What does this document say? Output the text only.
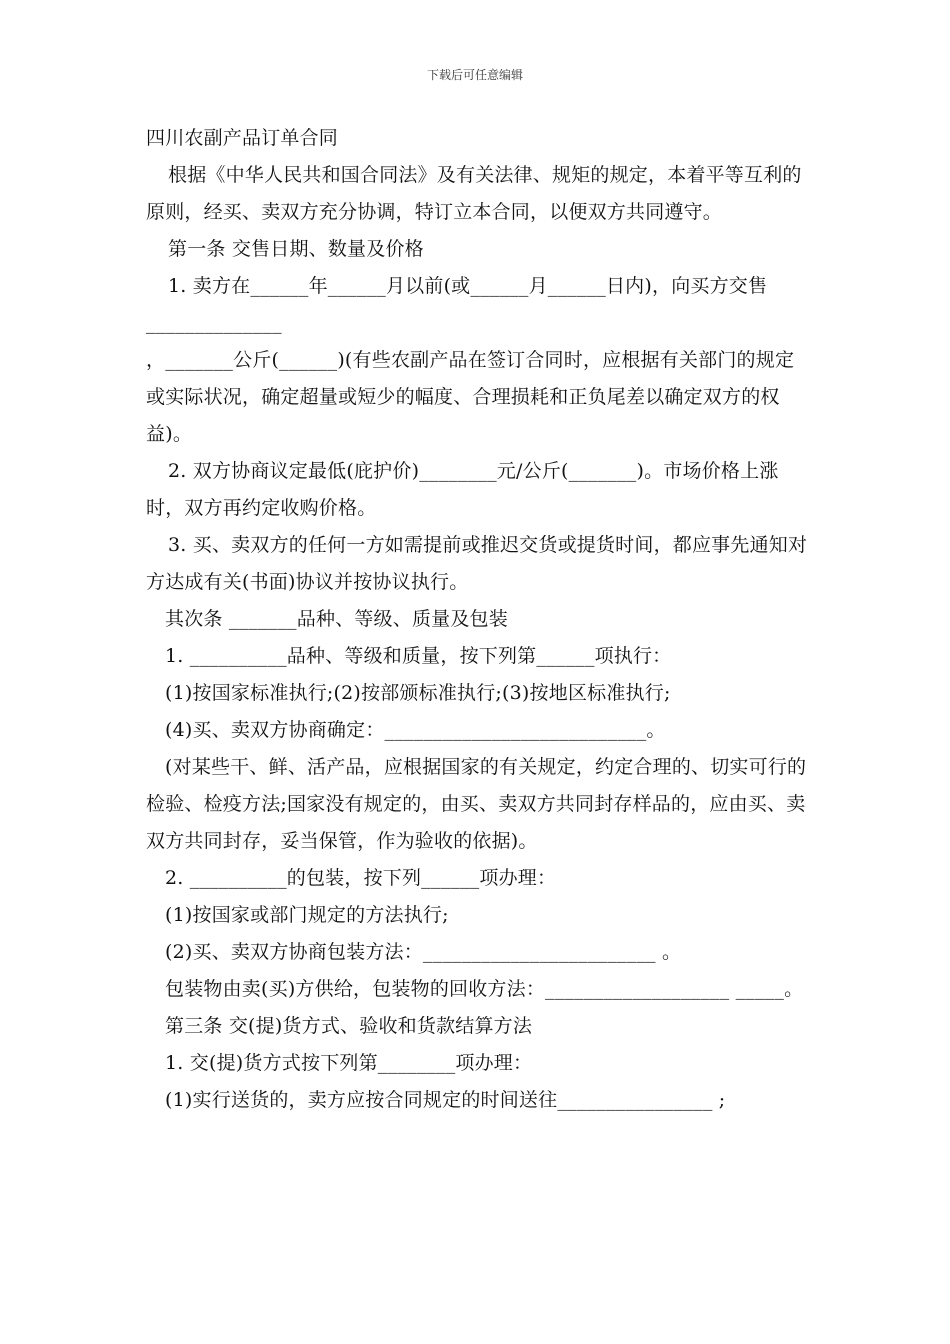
下载后可任意编辑

四川农副产品订单合同

根据《中华人民共和国合同法》及有关法律、规矩的规定，本着平等互利的原则，经买、卖双方充分协调，特订立本合同，以便双方共同遵守。

第一条 交售日期、数量及价格

1. 卖方在______年______月以前(或______月______日内)，向买方交售______________

，_______公斤(______)(有些农副产品在签订合同时，应根据有关部门的规定或实际状况，确定超量或短少的幅度、合理损耗和正负尾差以确定双方的权益)。

2. 双方协商议定最低(庇护价)________元/公斤(_______)。市场价格上涨时，双方再约定收购价格。

3. 买、卖双方的任何一方如需提前或推迟交货或提货时间，都应事先通知对方达成有关(书面)协议并按协议执行。

其次条 _______品种、等级、质量及包装

1. __________品种、等级和质量，按下列第______项执行：

(1)按国家标准执行;(2)按部颁标准执行;(3)按地区标准执行;

(4)买、卖双方协商确定：___________________________。

(对某些干、鲜、活产品，应根据国家的有关规定，约定合理的、切实可行的检验、检疫方法;国家没有规定的，由买、卖双方共同封存样品的，应由买、卖双方共同封存，妥当保管，作为验收的依据)。

2. __________的包装，按下列______项办理：

(1)按国家或部门规定的方法执行;

(2)买、卖双方协商包装方法：________________________ 。

包装物由卖(买)方供给，包装物的回收方法：___________________ _____。

第三条 交(提)货方式、验收和货款结算方法

1. 交(提)货方式按下列第________项办理：

(1)实行送货的，卖方应按合同规定的时间送往________________ ;
